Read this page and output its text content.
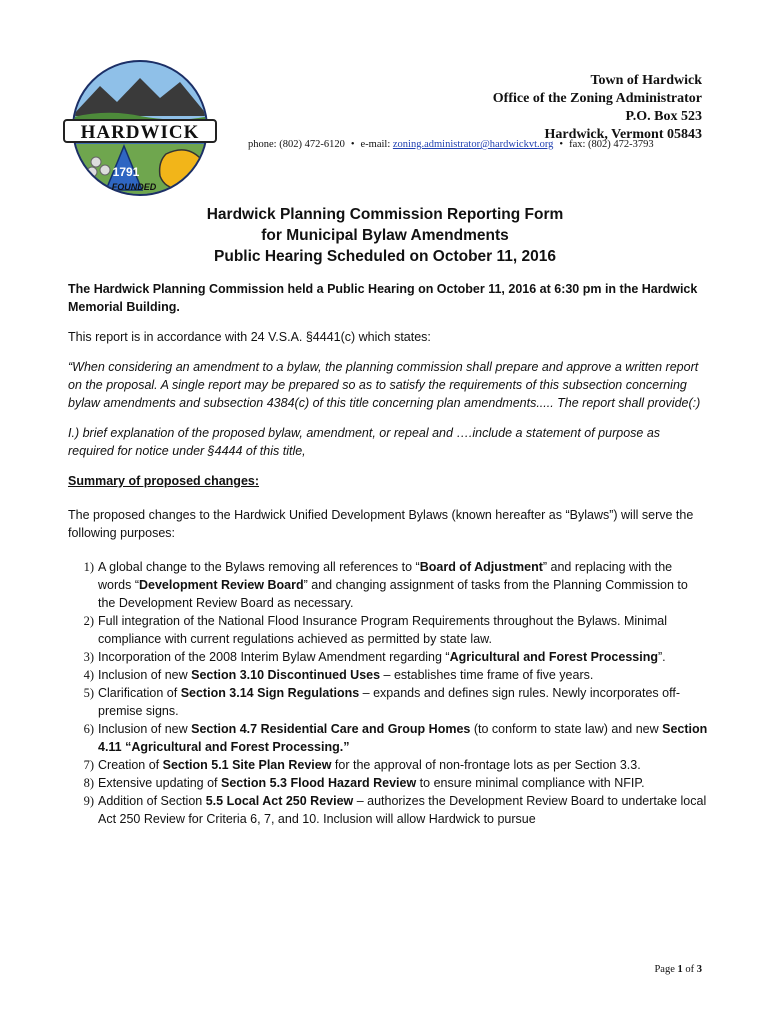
HARDWICK
1791
FOUNDED
Town of Hardwick
Office of the Zoning Administrator
P.O. Box 523
Hardwick, Vermont 05843
phone: (802) 472-6120 • e-mail: zoning.administrator@hardwickvt.org • fax: (802) 472-3793
Hardwick Planning Commission Reporting Form
for Municipal Bylaw Amendments
Public Hearing Scheduled on October 11, 2016

The Hardwick Planning Commission held a Public Hearing on October 11, 2016 at 6:30 pm in the Hardwick Memorial Building.

This report is in accordance with 24 V.S.A. §4441(c) which states:

“When considering an amendment to a bylaw, the planning commission shall prepare and approve a written report on the proposal. A single report may be prepared so as to satisfy the requirements of this subsection concerning bylaw amendments and subsection 4384(c) of this title concerning plan amendments..... The report shall provide(:)

I.) brief explanation of the proposed bylaw, amendment, or repeal and ….include a statement of purpose as required for notice under §4444 of this title,

Summary of proposed changes:

The proposed changes to the Hardwick Unified Development Bylaws (known hereafter as “Bylaws”) will serve the following purposes:

1) A global change to the Bylaws removing all references to “Board of Adjustment” and replacing with the words “Development Review Board” and changing assignment of tasks from the Planning Commission to the Development Review Board as necessary.
2) Full integration of the National Flood Insurance Program Requirements throughout the Bylaws. Minimal compliance with current regulations achieved as permitted by state law.
3) Incorporation of the 2008 Interim Bylaw Amendment regarding “Agricultural and Forest Processing”.
4) Inclusion of new Section 3.10 Discontinued Uses – establishes time frame of five years.
5) Clarification of Section 3.14 Sign Regulations – expands and defines sign rules. Newly incorporates off-premise signs.
6) Inclusion of new Section 4.7 Residential Care and Group Homes (to conform to state law) and new Section 4.11 “Agricultural and Forest Processing.”
7) Creation of Section 5.1 Site Plan Review for the approval of non-frontage lots as per Section 3.3.
8) Extensive updating of Section 5.3 Flood Hazard Review to ensure minimal compliance with NFIP.
9) Addition of Section 5.5 Local Act 250 Review – authorizes the Development Review Board to undertake local Act 250 Review for Criteria 6, 7, and 10. Inclusion will allow Hardwick to pursue
Page 1 of 3
